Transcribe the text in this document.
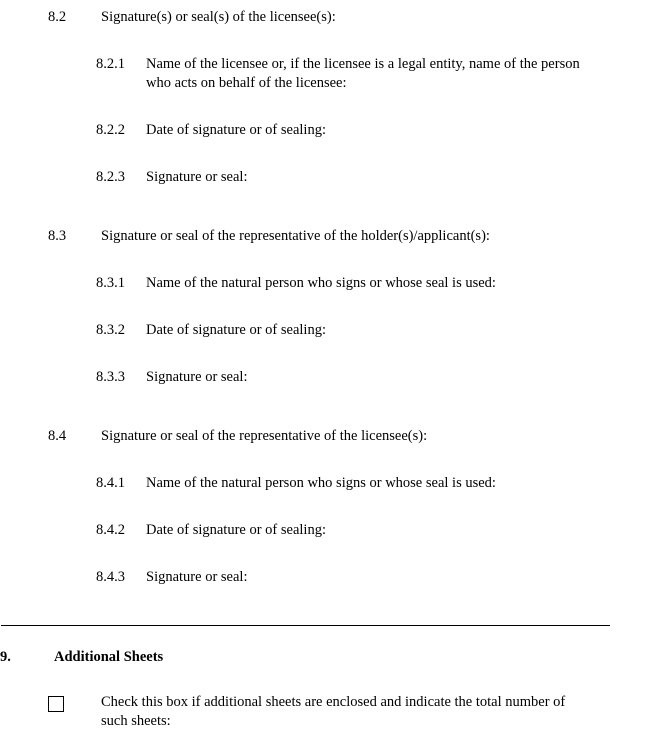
8.2	Signature(s) or seal(s) of the licensee(s):
8.2.1	Name of the licensee or, if the licensee is a legal entity, name of the person who acts on behalf of the licensee:
8.2.2	Date of signature or of sealing:
8.2.3	Signature or seal:
8.3	Signature or seal of the representative of the holder(s)/applicant(s):
8.3.1	Name of the natural person who signs or whose seal is used:
8.3.2	Date of signature or of sealing:
8.3.3	Signature or seal:
8.4	Signature or seal of the representative of the licensee(s):
8.4.1	Name of the natural person who signs or whose seal is used:
8.4.2	Date of signature or of sealing:
8.4.3	Signature or seal:
9.	Additional Sheets
Check this box if additional sheets are enclosed and indicate the total number of such sheets:
